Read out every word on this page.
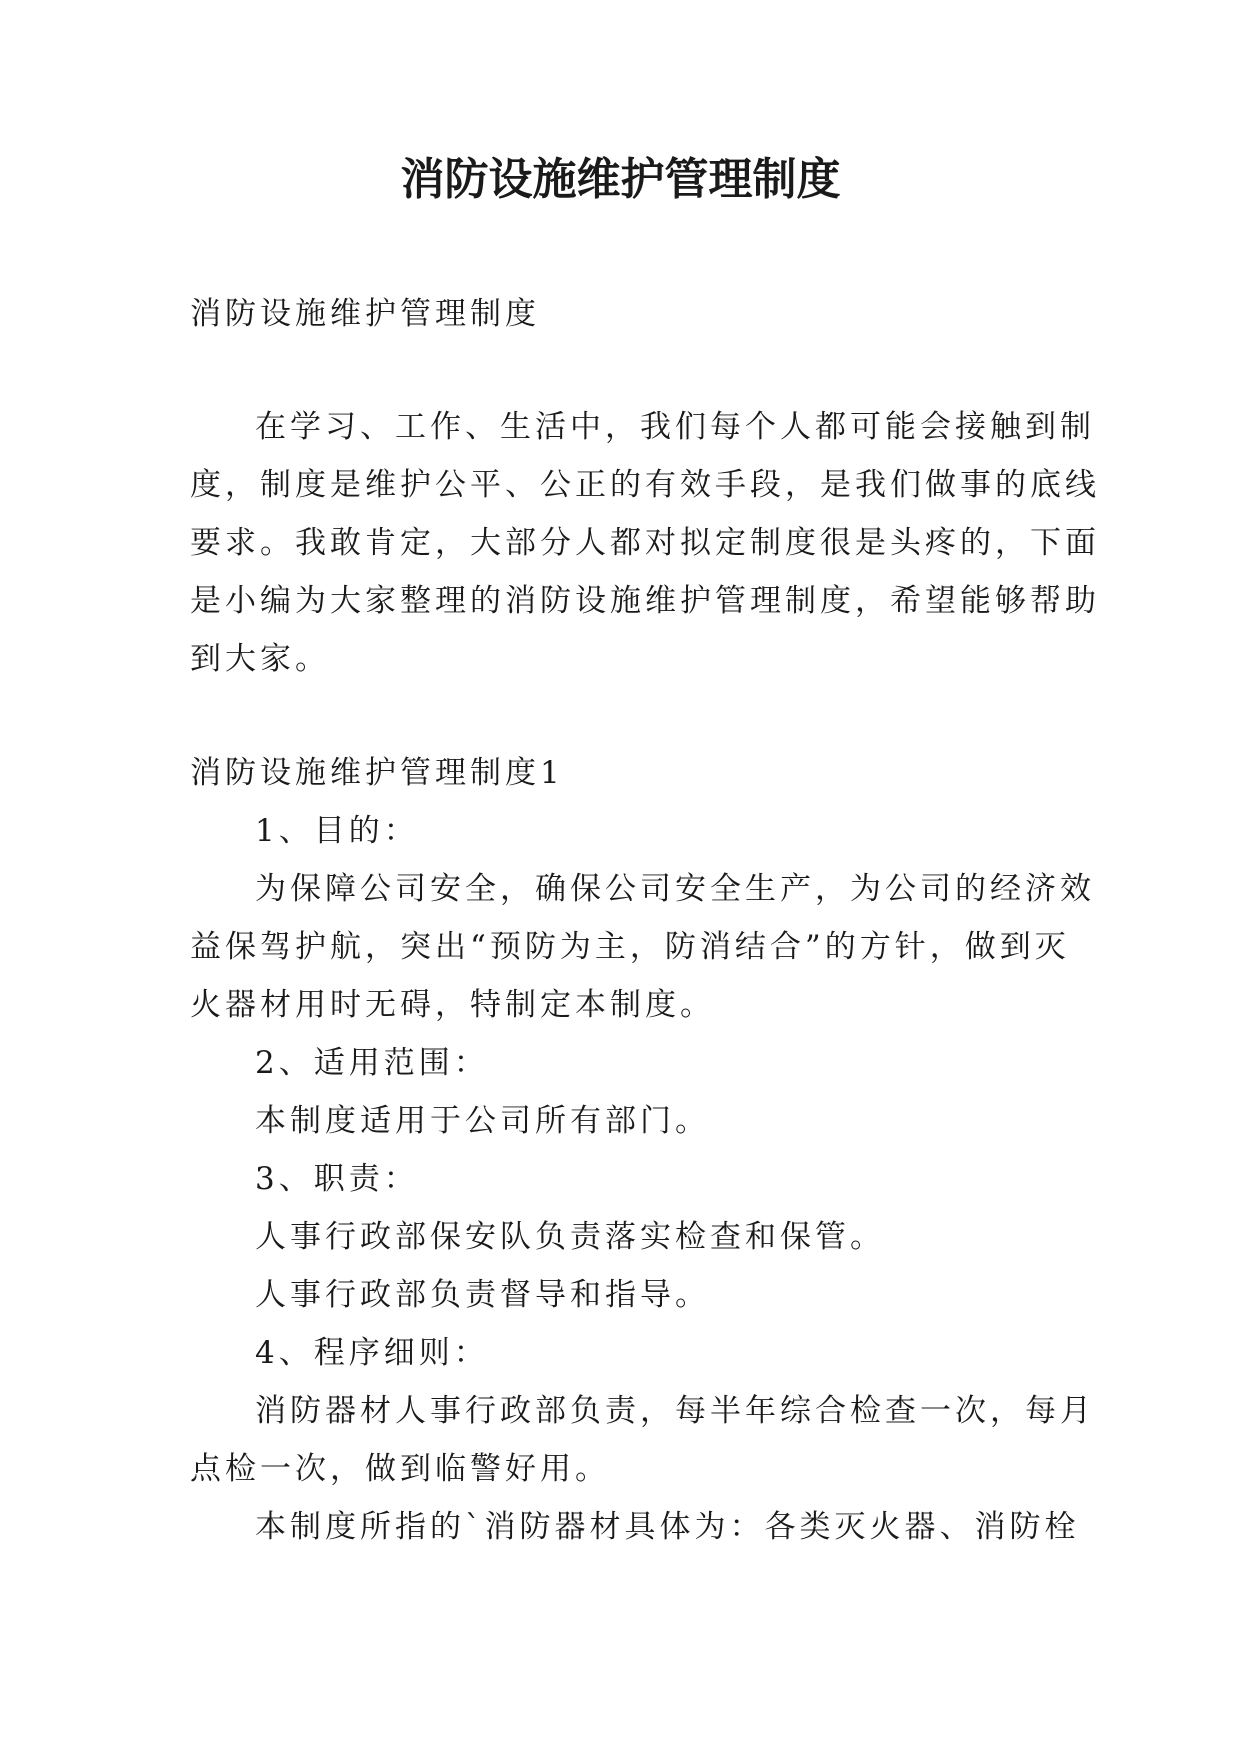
消防设施维护管理制度

消防设施维护管理制度

在学习、工作、生活中，我们每个人都可能会接触到制

度，制度是维护公平、公正的有效手段，是我们做事的底线

要求。我敢肯定，大部分人都对拟定制度很是头疼的，下面

是小编为大家整理的消防设施维护管理制度，希望能够帮助

到大家。

消防设施维护管理制度1

1、目的：

为保障公司安全，确保公司安全生产，为公司的经济效

益保驾护航，突出“预防为主，防消结合”的方针，做到灭

火器材用时无碍，特制定本制度。

2、适用范围：

本制度适用于公司所有部门。

3、职责：

人事行政部保安队负责落实检查和保管。

人事行政部负责督导和指导。

4、程序细则：

消防器材人事行政部负责，每半年综合检查一次，每月

点检一次，做到临警好用。

本制度所指的`消防器材具体为：各类灭火器、消防栓
